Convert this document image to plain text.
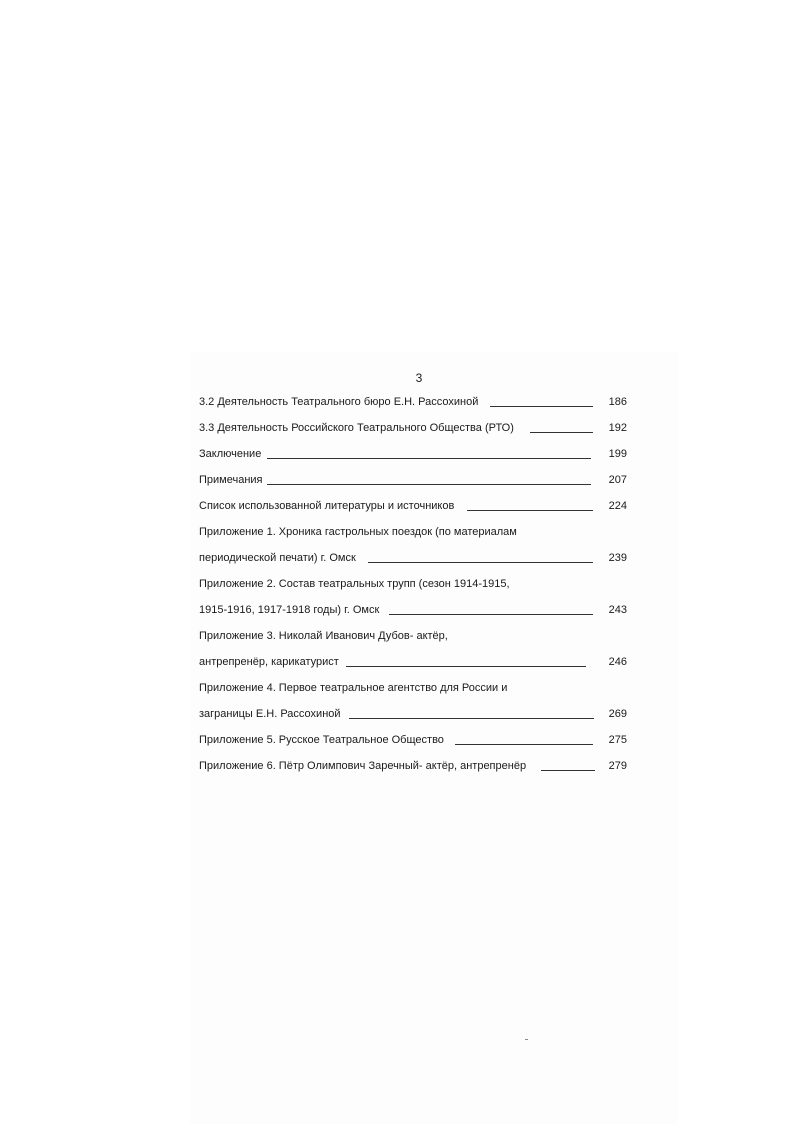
3
3.2 Деятельность Театрального бюро Е.Н. Рассохиной	186
3.3 Деятельность Российского Театрального Общества (РТО)	192
Заключение	199
Примечания	207
Список использованной литературы и источников	224
Приложение 1. Хроника гастрольных поездок (по материалам
периодической печати) г. Омск	239
Приложение 2. Состав театральных трупп (сезон 1914-1915,
1915-1916, 1917-1918 годы) г. Омск	243
Приложение 3. Николай Иванович Дубов- актёр,
антрепренёр, карикатурист	246
Приложение 4. Первое театральное агентство для России и
заграницы Е.Н. Рассохиной	269
Приложение 5. Русское Театральное Общество	275
Приложение 6. Пётр Олимпович Заречный- актёр, антрепренёр	279
